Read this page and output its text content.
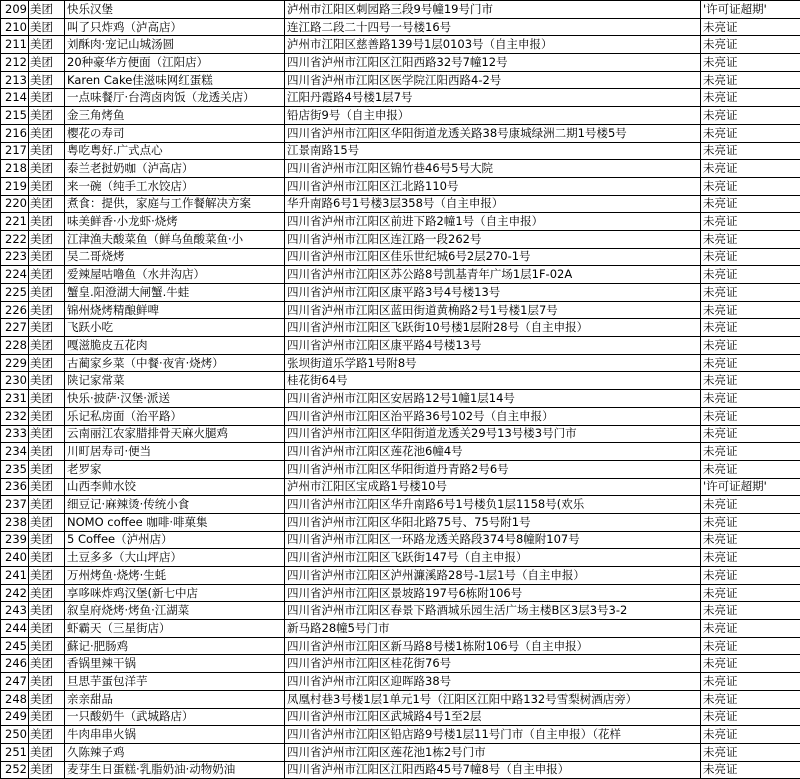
209	美团	快乐汉堡	泸州市江阳区刺园路三段9号幢19号门市	'许可证超期'
210	美团	叫了只炸鸡（泸高店）	连江路二段二十四号一号楼16号	未亮证
211	美团	刘酥肉·宠记山城汤圆	泸州市江阳区慈善路139号1层0103号（自主申报）	未亮证
212	美团	20种豪华方便面（江阳店）	四川省泸州市江阳区江阳西路32号7幢12号	未亮证
213	美团	Karen Cake佳滋味网红蛋糕	四川省泸州市江阳区医学院江阳西路4-2号	未亮证
214	美团	一点味餐厅·台湾卤肉饭（龙透关店）	江阳丹霞路4号楼1层7号	未亮证
215	美团	金三角烤鱼	铅店街9号（自主申报）	未亮证
216	美团	樱花の寿司	四川省泸州市江阳区华阳街道龙透关路38号康城绿洲二期1号楼5号	未亮证
217	美团	粤吃粤好.广式点心	江景南路15号	未亮证
218	美团	泰兰老挝奶咖（泸高店）	四川省泸州市江阳区锦竹巷46号5号大院	未亮证
219	美团	来一碗（纯手工水饺店）	四川省泸州市江阳区江北路110号	未亮证
220	美团	煮食：提供，家庭与工作餐解决方案	华升南路6号1号楼3层358号（自主申报）	未亮证
221	美团	味美鲜香·小龙虾·烧烤	四川省泸州市江阳区前进下路2幢1号（自主申报）	未亮证
222	美团	江津渔夫酸菜鱼（鲜乌鱼酸菜鱼·小	四川省泸州市江阳区连江路一段262号	未亮证
223	美团	吴二哥烧烤	四川省泸州市江阳区佳乐世纪城6号2层270-1号	未亮证
224	美团	爱辣屋咕噜鱼（水井沟店）	四川省泸州市江阳区苏公路8号凯基青年广场1层1F-02A	未亮证
225	美团	蟹皇.阳澄湖大闸蟹.牛蛙	四川省泸州市江阳区康平路3号4号楼13号	未亮证
226	美团	锦州烧烤精酿鲜啤	四川省泸州市江阳区蓝田街道黄桷路2号1号楼1层7号	未亮证
227	美团	飞跃小吃	四川省泸州市江阳区飞跃街10号楼1层附28号（自主申报）	未亮证
228	美团	嘎滋脆皮五花肉	四川省泸州市江阳区康平路4号楼13号	未亮证
229	美团	古蔺家乡菜（中餐·夜宵·烧烤）	张坝街道乐学路1号附8号	未亮证
230	美团	陕记家常菜	桂花街64号	未亮证
231	美团	快乐·披萨·汉堡·派送	四川省泸州市江阳区安居路12号1幢1层14号	未亮证
232	美团	乐记私房面（治平路）	四川省泸州市江阳区治平路36号102号（自主申报）	未亮证
233	美团	云南丽江农家腊排骨天麻火腿鸡	四川省泸州市江阳区华阳街道龙透关29号13号楼3号门市	未亮证
234	美团	川町居寿司·便当	四川省泸州市江阳区莲花池6幢4号	未亮证
235	美团	老罗家	四川省泸州市江阳区华阳街道丹青路2号6号	未亮证
236	美团	山西李帅水饺	泸州市江阳区宝成路1号楼10号	'许可证超期'
237	美团	细豆记·麻辣烫·传统小食	四川省泸州市江阳区华升南路6号1号楼负1层1158号(欢乐	未亮证
238	美团	NOMO coffee 咖啡·啡菓集	四川省泸州市江阳区华阳北路75号、75号附1号	未亮证
239	美团	5 Coffee（泸州店）	四川省泸州市江阳区一环路龙透关路段374号8幢附107号	未亮证
240	美团	土豆多多（大山坪店）	四川省泸州市江阳区飞跃街147号（自主申报）	未亮证
241	美团	万州烤鱼·烧烤·生蚝	四川省泸州市江阳区泸州濂溪路28号-1层1号（自主申报）	未亮证
242	美团	享哆咪炸鸡汉堡(新七中店	四川省泸州市江阳区景坡路197号6栋附106号	未亮证
243	美团	叙皇府烧烤·烤鱼·江湖菜	四川省泸州市江阳区春景下路酒城乐园生活广场主楼B区3层3号3-2	未亮证
244	美团	虾霸天（三星街店）	新马路28幢5号门市	未亮证
245	美团	蘇记·肥肠鸡	四川省泸州市江阳区新马路8号楼1栋附106号（自主申报）	未亮证
246	美团	香锅里辣干锅	四川省泸州市江阳区桂花街76号	未亮证
247	美团	旦思芋蛋包洋芋	四川省泸州市江阳区迎晖路38号	未亮证
248	美团	亲亲甜品	凤凰村巷3号楼1层1单元1号（江阳区江阳中路132号雪梨树酒店旁）	未亮证
249	美团	一只酸奶牛（武城路店）	四川省泸州市江阳区武城路4号1至2层	未亮证
250	美团	牛肉串串火锅	四川省泸州市江阳区铅店路9号楼1层11号门市（自主申报）（花样	未亮证
251	美团	久陈辣子鸡	四川省泸州市江阳区莲花池1栋2号门市	未亮证
252	美团	麦芽生日蛋糕·乳脂奶油·动物奶油	四川省泸州市江阳区江阳西路45号7幢8号（自主申报）	未亮证
